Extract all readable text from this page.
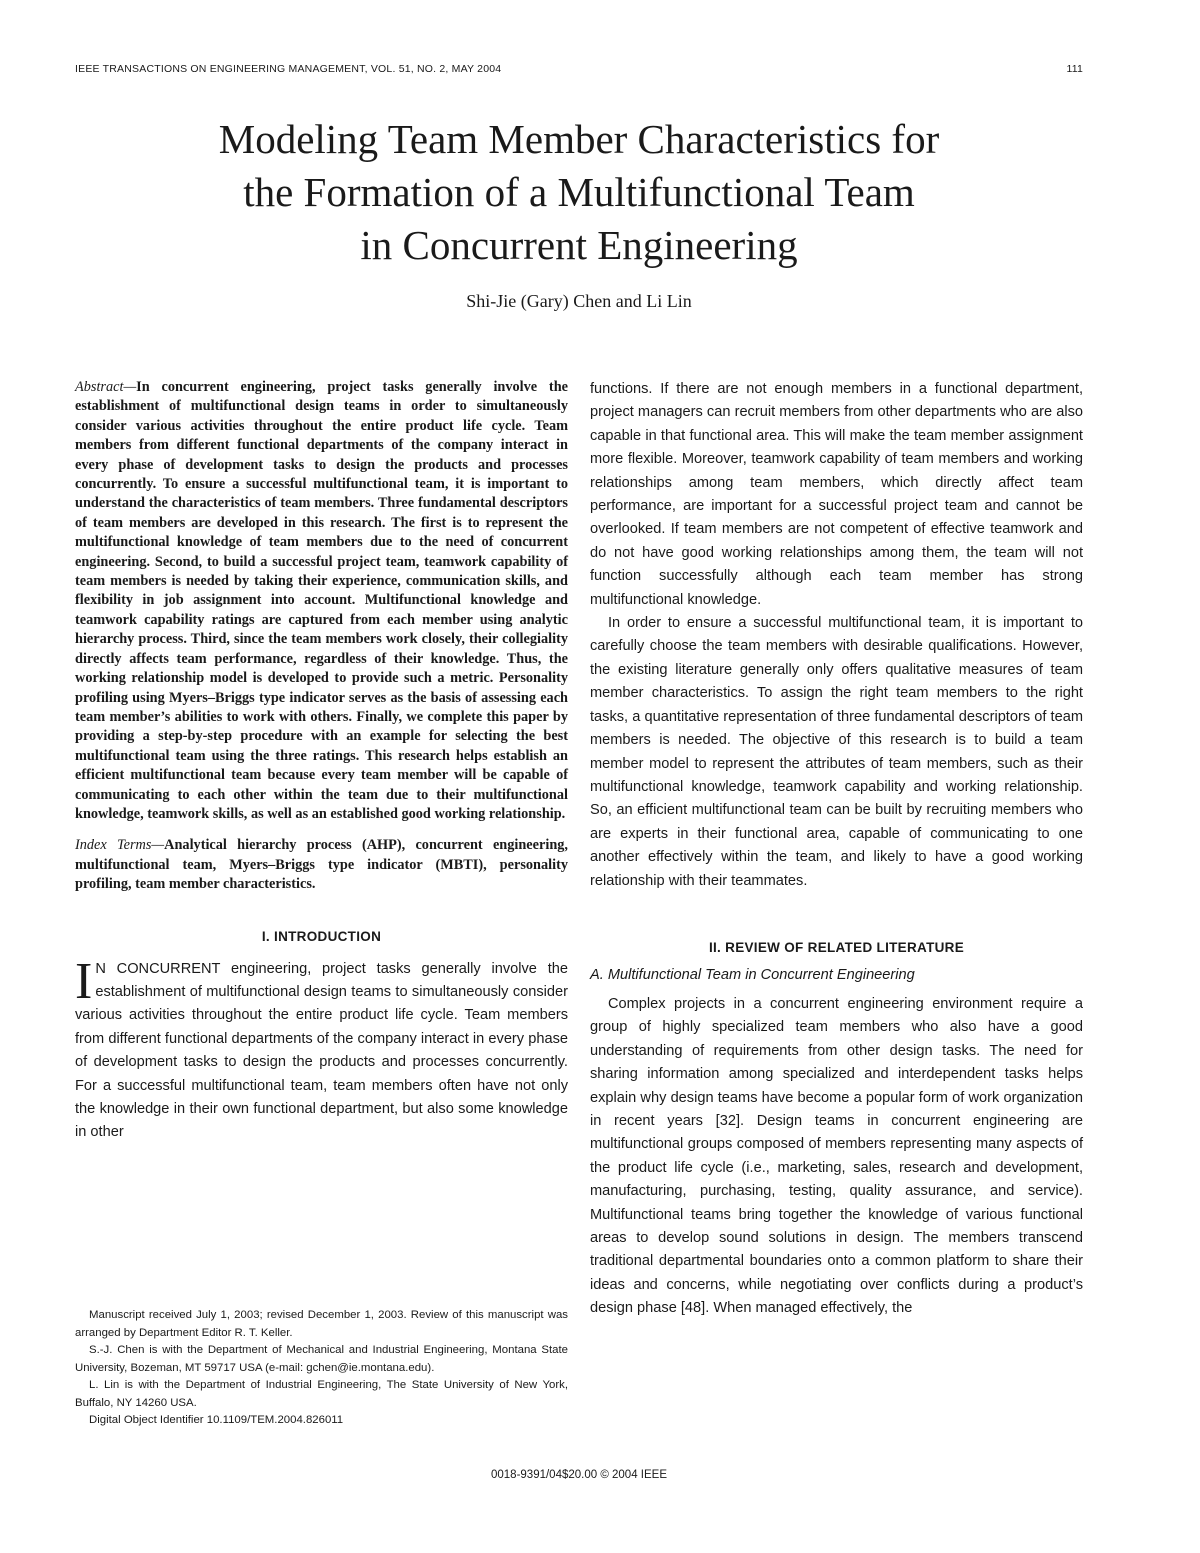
IEEE TRANSACTIONS ON ENGINEERING MANAGEMENT, VOL. 51, NO. 2, MAY 2004	111
Modeling Team Member Characteristics for
the Formation of a Multifunctional Team
in Concurrent Engineering
Shi-Jie (Gary) Chen and Li Lin

Abstract—In concurrent engineering, project tasks generally involve the establishment of multifunctional design teams in order to simultaneously consider various activities throughout the entire product life cycle. Team members from different functional departments of the company interact in every phase of development tasks to design the products and processes concurrently. To ensure a successful multifunctional team, it is important to understand the characteristics of team members. Three fundamental descriptors of team members are developed in this research. The first is to represent the multifunctional knowledge of team members due to the need of concurrent engineering. Second, to build a successful project team, teamwork capability of team members is needed by taking their experience, communication skills, and flexibility in job assignment into account. Multifunctional knowledge and teamwork capability ratings are captured from each member using analytic hierarchy process. Third, since the team members work closely, their collegiality directly affects team performance, regardless of their knowledge. Thus, the working relationship model is developed to provide such a metric. Personality profiling using Myers–Briggs type indicator serves as the basis of assessing each team member’s abilities to work with others. Finally, we complete this paper by providing a step-by-step procedure with an example for selecting the best multifunctional team using the three ratings. This research helps establish an efficient multifunctional team because every team member will be capable of communicating to each other within the team due to their multifunctional knowledge, teamwork skills, as well as an established good working relationship.

Index Terms—Analytical hierarchy process (AHP), concurrent engineering, multifunctional team, Myers–Briggs type indicator (MBTI), personality profiling, team member characteristics.

I. INTRODUCTION

I N CONCURRENT engineering, project tasks generally involve the establishment of multifunctional design teams to simultaneously consider various activities throughout the entire product life cycle. Team members from different functional departments of the company interact in every phase of development tasks to design the products and processes concurrently. For a successful multifunctional team, team members often have not only the knowledge in their own functional department, but also some knowledge in other

Manuscript received July 1, 2003; revised December 1, 2003. Review of this manuscript was arranged by Department Editor R. T. Keller.

S.-J. Chen is with the Department of Mechanical and Industrial Engineering, Montana State University, Bozeman, MT 59717 USA (e-mail: gchen@ie.montana.edu).

L. Lin is with the Department of Industrial Engineering, The State University of New York, Buffalo, NY 14260 USA.

Digital Object Identifier 10.1109/TEM.2004.826011

functions. If there are not enough members in a functional department, project managers can recruit members from other departments who are also capable in that functional area. This will make the team member assignment more flexible. Moreover, teamwork capability of team members and working relationships among team members, which directly affect team performance, are important for a successful project team and cannot be overlooked. If team members are not competent of effective teamwork and do not have good working relationships among them, the team will not function successfully although each team member has strong multifunctional knowledge.

In order to ensure a successful multifunctional team, it is important to carefully choose the team members with desirable qualifications. However, the existing literature generally only offers qualitative measures of team member characteristics. To assign the right team members to the right tasks, a quantitative representation of three fundamental descriptors of team members is needed. The objective of this research is to build a team member model to represent the attributes of team members, such as their multifunctional knowledge, teamwork capability and working relationship. So, an efficient multifunctional team can be built by recruiting members who are experts in their functional area, capable of communicating to one another effectively within the team, and likely to have a good working relationship with their teammates.

II. REVIEW OF RELATED LITERATURE
A. Multifunctional Team in Concurrent Engineering

Complex projects in a concurrent engineering environment require a group of highly specialized team members who also have a good understanding of requirements from other design tasks. The need for sharing information among specialized and interdependent tasks helps explain why design teams have become a popular form of work organization in recent years [32]. Design teams in concurrent engineering are multifunctional groups composed of members representing many aspects of the product life cycle (i.e., marketing, sales, research and development, manufacturing, purchasing, testing, quality assurance, and service). Multifunctional teams bring together the knowledge of various functional areas to develop sound solutions in design. The members transcend traditional departmental boundaries onto a common platform to share their ideas and concerns, while negotiating over conflicts during a product’s design phase [48]. When managed effectively, the

0018-9391/04$20.00 © 2004 IEEE
